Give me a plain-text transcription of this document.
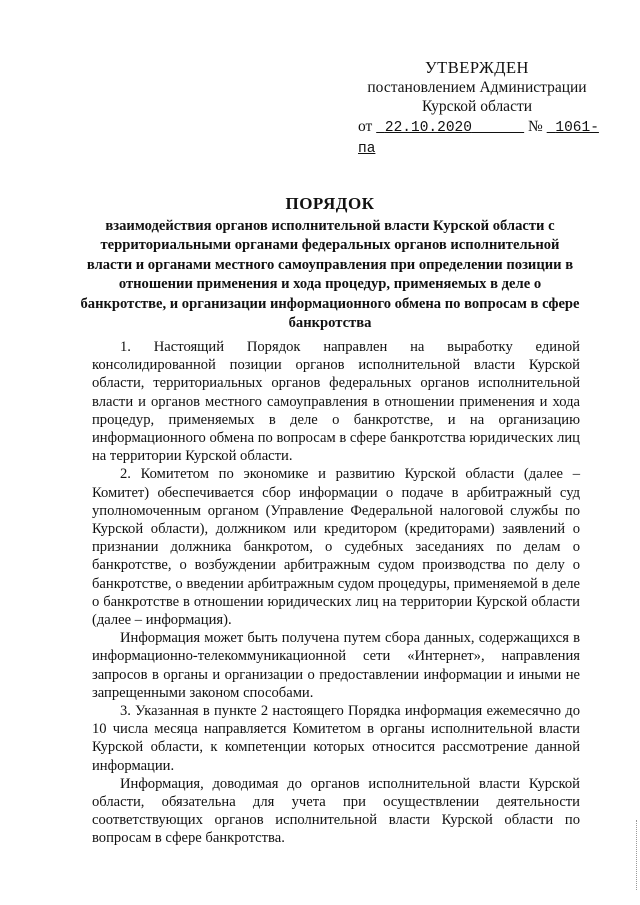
УТВЕРЖДЕН
постановлением Администрации
Курской области
от 22.10.2020	№ 1061-па
ПОРЯДОК
взаимодействия органов исполнительной власти Курской области с территориальными органами федеральных органов исполнительной власти и органами местного самоуправления при определении позиции в отношении применения и хода процедур, применяемых в деле о банкротстве, и организации информационного обмена по вопросам в сфере банкротства

1. Настоящий Порядок направлен на выработку единой консолидированной позиции органов исполнительной власти Курской области, территориальных органов федеральных органов исполнительной власти и органов местного самоуправления в отношении применения и хода процедур, применяемых в деле о банкротстве, и на организацию информационного обмена по вопросам в сфере банкротства юридических лиц на территории Курской области.

2. Комитетом по экономике и развитию Курской области (далее – Комитет) обеспечивается сбор информации о подаче в арбитражный суд уполномоченным органом (Управление Федеральной налоговой службы по Курской области), должником или кредитором (кредиторами) заявлений о признании должника банкротом, о судебных заседаниях по делам о банкротстве, о возбуждении арбитражным судом производства по делу о банкротстве, о введении арбитражным судом процедуры, применяемой в деле о банкротстве в отношении юридических лиц на территории Курской области (далее – информация).

Информация может быть получена путем сбора данных, содержащихся в информационно-телекоммуникационной сети «Интернет», направления запросов в органы и организации о предоставлении информации и иными не запрещенными законом способами.

3. Указанная в пункте 2 настоящего Порядка информация ежемесячно до 10 числа месяца направляется Комитетом в органы исполнительной власти Курской области, к компетенции которых относится рассмотрение данной информации.

Информация, доводимая до органов исполнительной власти Курской области, обязательна для учета при осуществлении деятельности соответствующих органов исполнительной власти Курской области по вопросам в сфере банкротства.
